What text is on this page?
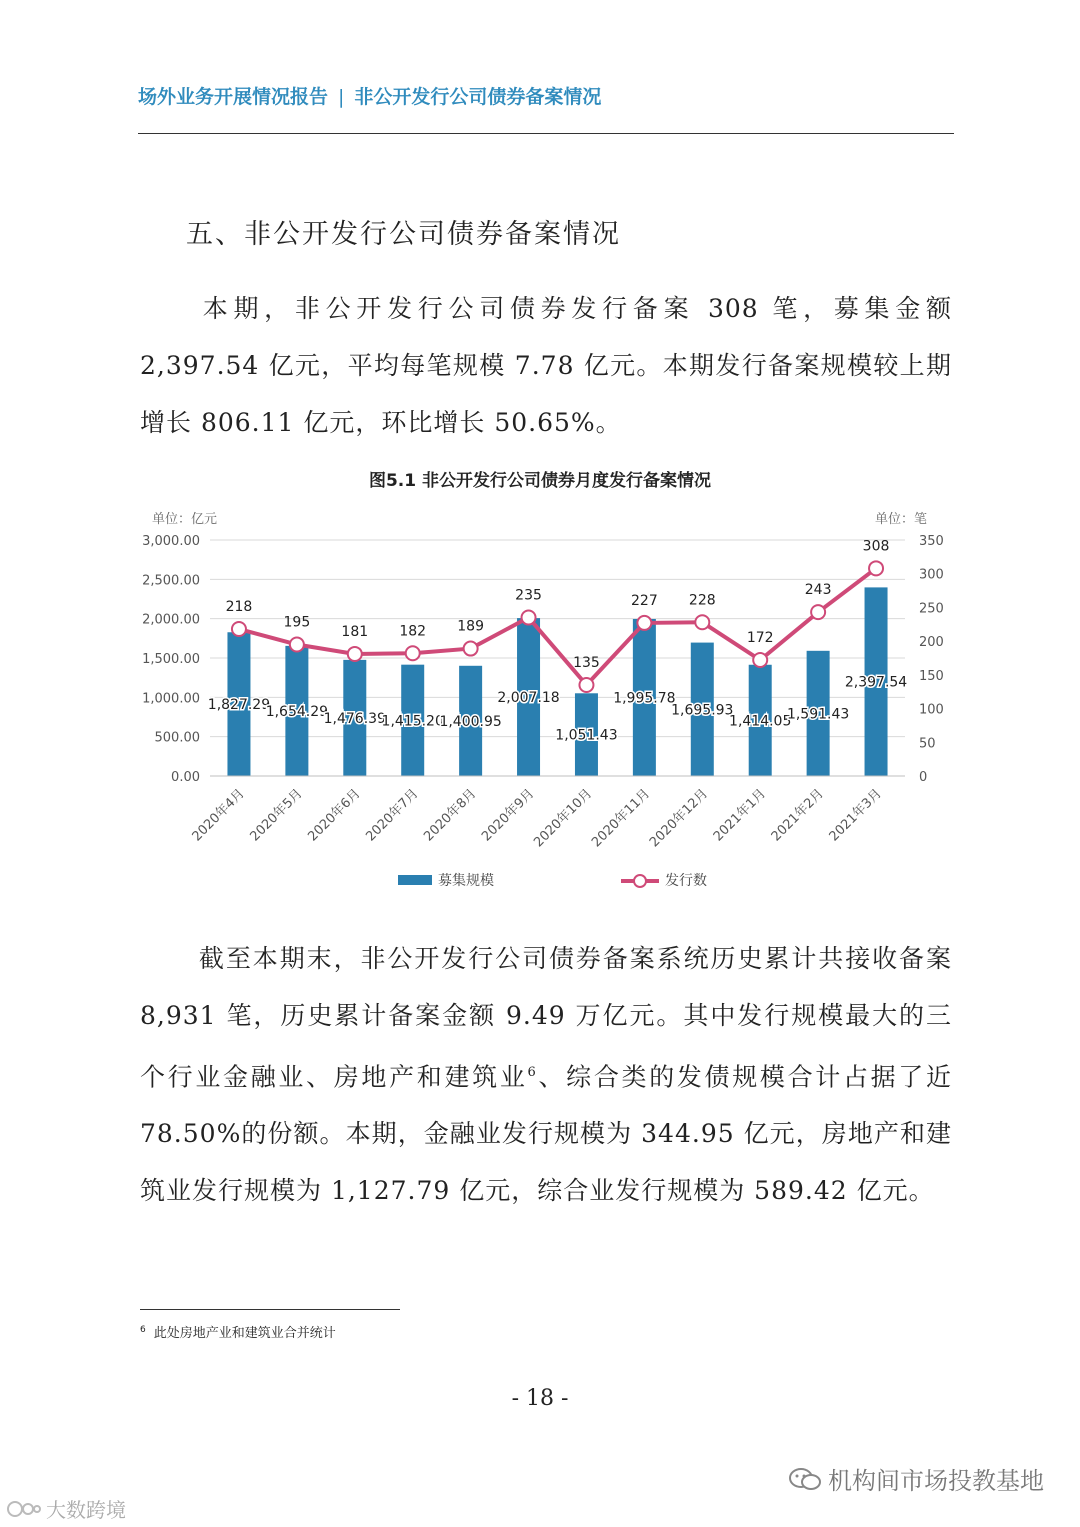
场外业务开展情况报告 | 非公开发行公司债券备案情况
五、非公开发行公司债券备案情况
本期，非公开发行公司债券发行备案 308 笔，募集金额 2,397.54 亿元，平均每笔规模 7.78 亿元。本期发行备案规模较上期增长 806.11 亿元，环比增长 50.65%。
图5.1 非公开发行公司债券月度发行备案情况
0.00
500.00
1,000.00
1,500.00
2,000.00
2,500.00
3,000.00
0
50
100
150
200
250
300
350
单位：亿元	单位：笔
1,827.29
1,654.29
1,476.39
1,415.20
1,400.95
2,007.18
1,051.43
1,995.78
1,695.93
1,414.05
1,591.43
2,397.54
218
195
181 182 189
235
135
227 228
172
243
308
2020年4月 2020年5月 2020年6月 2020年7月 2020年8月 2020年9月
2020年10月
2020年11月
2020年12月 2021年1月 2021年2月 2021年3月
募集规模	发行数
截至本期末，非公开发行公司债券备案系统历史累计共接收备案 8,931 笔，历史累计备案金额 9.49 万亿元。其中发行规模最大的三个行业金融业、房地产和建筑业$^6$、综合类的发债规模合计占据了近 78.50%的份额。本期，金融业发行规模为 344.95 亿元，房地产和建筑业发行规模为 1,127.79 亿元，综合业发行规模为 589.42 亿元。
$^6$ 此处房地产业和建筑业合并统计
- 18 -
机构间市场投教基地
大数跨境
